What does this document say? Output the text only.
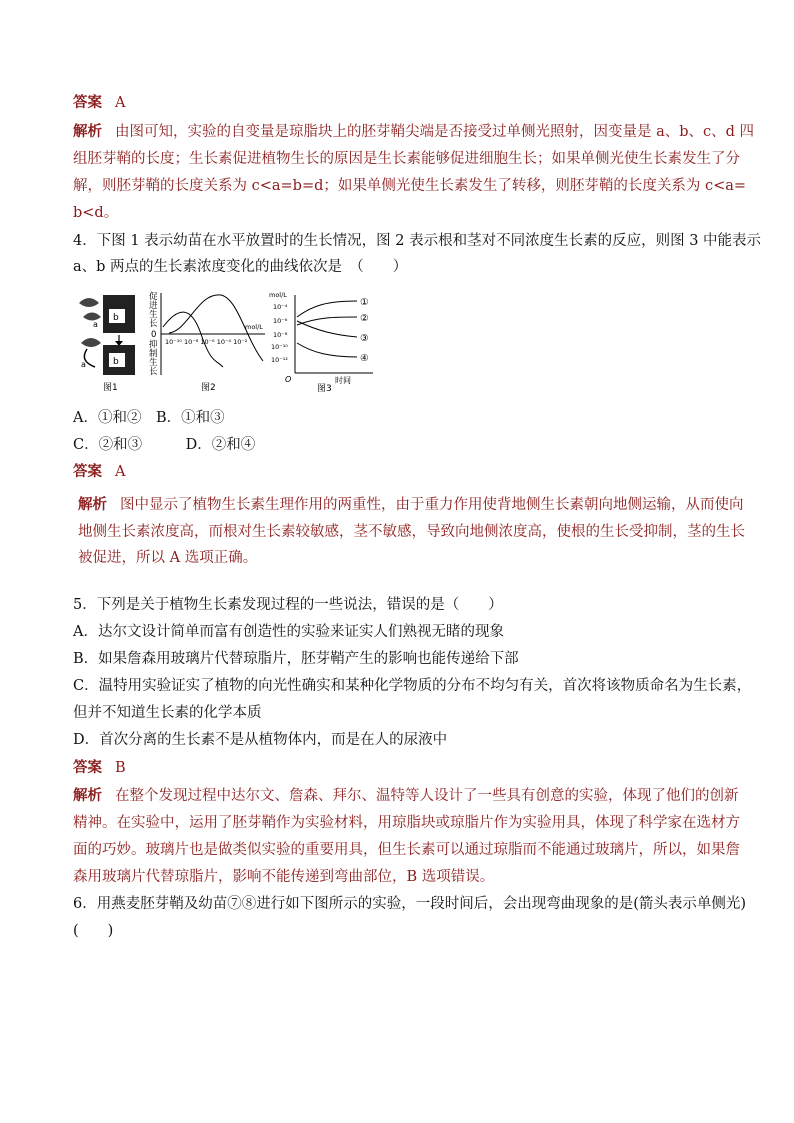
答案 A
解析 由图可知，实验的自变量是琼脂块上的胚芽鞘尖端是否接受过单侧光照射，因变量是 a、b、c、d 四
组胚芽鞘的长度；生长素促进植物生长的原因是生长素能够促进细胞生长；如果单侧光使生长素发生了分
解，则胚芽鞘的长度关系为 c<a=b=d；如果单侧光使生长素发生了转移，则胚芽鞘的长度关系为 c<a=
b<d。
4．下图 1 表示幼苗在水平放置时的生长情况，图 2 表示根和茎对不同浓度生长素的反应，则图 3 中能表示
a、b 两点的生长素浓度变化的曲线依次是　（　　）
b
a
b
a
图1
促
进
生
长
0
抑
制
生
长
10⁻¹⁰ 10⁻⁸ 10⁻⁶ 10⁻⁴ 10⁻²
mol/L
图2
mol/L
10⁻⁴
10⁻⁶
10⁻⁸
10⁻¹⁰
10⁻¹²
O
①
②
③
④
时间
图3
A．①和②　B．①和③
C．②和③　　　D．②和④
答案 A
解析 图中显示了植物生长素生理作用的两重性，由于重力作用使背地侧生长素朝向地侧运输，从而使向
地侧生长素浓度高，而根对生长素较敏感，茎不敏感，导致向地侧浓度高，使根的生长受抑制，茎的生长
被促进，所以 A 选项正确。
5．下列是关于植物生长素发现过程的一些说法，错误的是（　　）
A．达尔文设计简单而富有创造性的实验来证实人们熟视无睹的现象
B．如果詹森用玻璃片代替琼脂片，胚芽鞘产生的影响也能传递给下部
C．温特用实验证实了植物的向光性确实和某种化学物质的分布不均匀有关，首次将该物质命名为生长素，
但并不知道生长素的化学本质
D．首次分离的生长素不是从植物体内，而是在人的尿液中
答案 B
解析 在整个发现过程中达尔文、詹森、拜尔、温特等人设计了一些具有创意的实验，体现了他们的创新
精神。在实验中，运用了胚芽鞘作为实验材料，用琼脂块或琼脂片作为实验用具，体现了科学家在选材方
面的巧妙。玻璃片也是做类似实验的重要用具，但生长素可以通过琼脂而不能通过玻璃片，所以，如果詹
森用玻璃片代替琼脂片，影响不能传递到弯曲部位，B 选项错误。
6．用燕麦胚芽鞘及幼苗⑦⑧进行如下图所示的实验，一段时间后，会出现弯曲现象的是(箭头表示单侧光)
(　　)
